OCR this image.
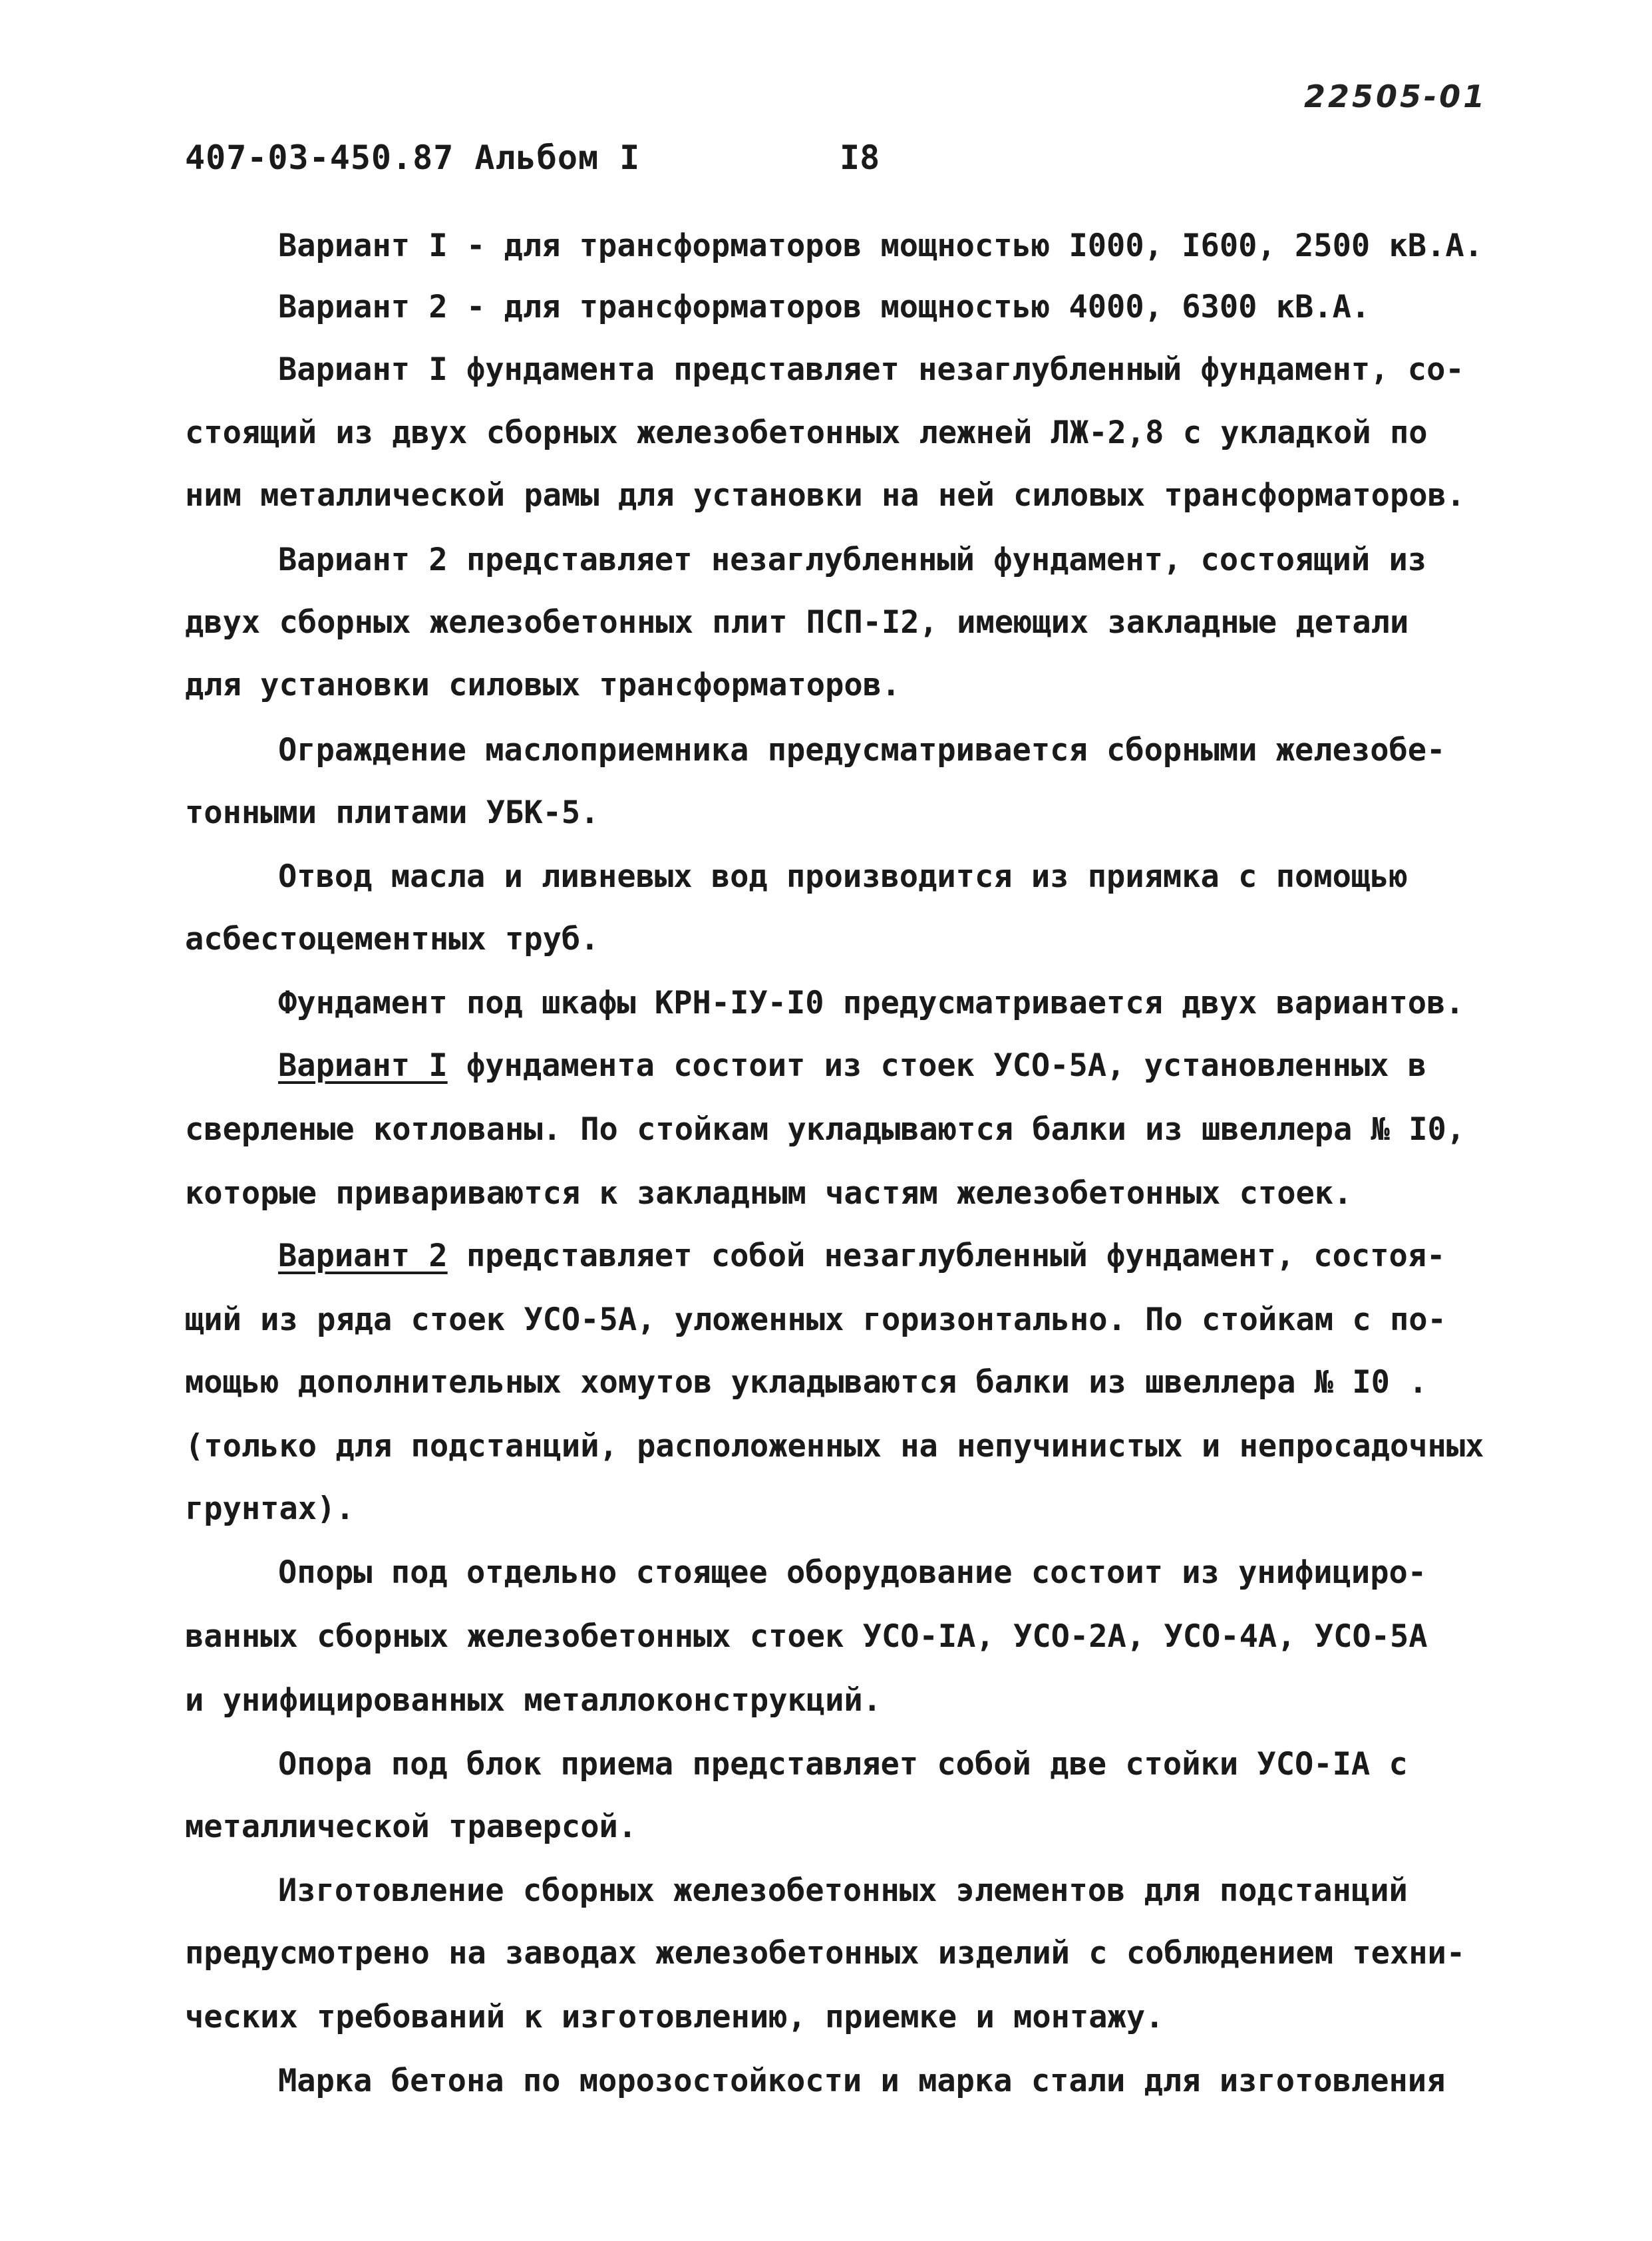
22505-01
407-03-450.87 Альбом I	I8
Вариант I - для трансформаторов мощностью I000, I600, 2500 кВ.А.
Вариант 2 - для трансформаторов мощностью 4000, 6300 кВ.А.
Вариант I фундамента представляет незаглубленный фундамент, со-
стоящий из двух сборных железобетонных лежней ЛЖ-2,8 с укладкой по
ним металлической рамы для установки на ней силовых трансформаторов.
Вариант 2 представляет незаглубленный фундамент, состоящий из
двух сборных железобетонных плит ПСП-I2, имеющих закладные детали
для установки силовых трансформаторов.
Ограждение маслоприемника предусматривается сборными железобе-
тонными плитами УБК-5.
Отвод масла и ливневых вод производится из приямка с помощью
асбестоцементных труб.
Фундамент под шкафы КРН-IУ-I0 предусматривается двух вариантов.
Вариант I фундамента состоит из стоек УСО-5А, установленных в
сверленые котлованы. По стойкам укладываются балки из швеллера № I0,
которые привариваются к закладным частям железобетонных стоек.
Вариант 2 представляет собой незаглубленный фундамент, состоя-
щий из ряда стоек УСО-5А, уложенных горизонтально. По стойкам с по-
мощью дополнительных хомутов укладываются балки из швеллера № I0 .
(только для подстанций, расположенных на непучинистых и непросадочных
грунтах).
Опоры под отдельно стоящее оборудование состоит из унифициро-
ванных сборных железобетонных стоек УСО-IА, УСО-2А, УСО-4А, УСО-5А
и унифицированных металлоконструкций.
Опора под блок приема представляет собой две стойки УСО-IА с
металлической траверсой.
Изготовление сборных железобетонных элементов для подстанций
предусмотрено на заводах железобетонных изделий с соблюдением техни-
ческих требований к изготовлению, приемке и монтажу.
Марка бетона по морозостойкости и марка стали для изготовления
